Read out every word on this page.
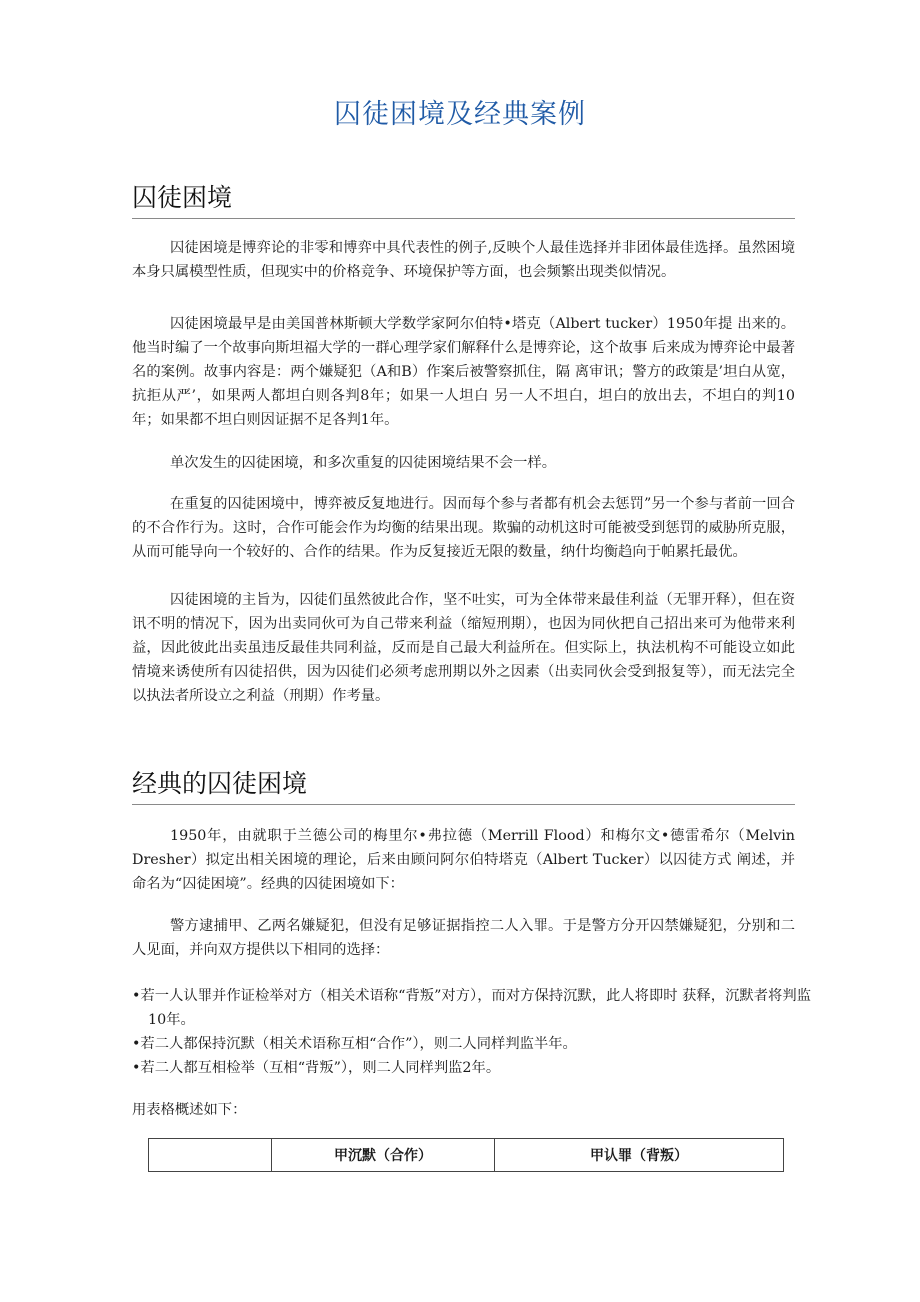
囚徒困境及经典案例
囚徒困境
囚徒困境是博弈论的非零和博弈中具代表性的例子,反映个人最佳选择并非团体最佳选择。虽然困境本身只属模型性质，但现实中的价格竞争、环境保护等方面，也会频繁出现类似情况。
囚徒困境最早是由美国普林斯顿大学数学家阿尔伯特•塔克（Albert tucker）1950年提 出来的。他当时编了一个故事向斯坦福大学的一群心理学家们解释什么是博弈论，这个故事 后来成为博弈论中最著名的案例。故事内容是：两个嫌疑犯（A和B）作案后被警察抓住，隔 离审讯；警方的政策是’坦白从宽，抗拒从严’，如果两人都坦白则各判8年；如果一人坦白 另一人不坦白，坦白的放出去，不坦白的判10年；如果都不坦白则因证据不足各判1年。
单次发生的囚徒困境，和多次重复的囚徒困境结果不会一样。
在重复的囚徒困境中，博弈被反复地进行。因而每个参与者都有机会去惩罚”另一个参与者前一回合的不合作行为。这时，合作可能会作为均衡的结果出现。欺骗的动机这时可能被受到惩罚的威胁所克服，从而可能导向一个较好的、合作的结果。作为反复接近无限的数量，纳什均衡趋向于帕累托最优。
囚徒困境的主旨为，囚徒们虽然彼此合作，坚不吐实，可为全体带来最佳利益（无罪开释），但在资讯不明的情况下，因为出卖同伙可为自己带来利益（缩短刑期），也因为同伙把自己招出来可为他带来利益，因此彼此出卖虽违反最佳共同利益，反而是自己最大利益所在。但实际上，执法机构不可能设立如此情境来诱使所有囚徒招供，因为囚徒们必须考虑刑期以外之因素（出卖同伙会受到报复等），而无法完全以执法者所设立之利益（刑期）作考量。
经典的囚徒困境
1950年，由就职于兰德公司的梅里尔•弗拉德（Merrill Flood）和梅尔文•德雷希尔（Melvin Dresher）拟定出相关困境的理论，后来由顾问阿尔伯特塔克（Albert Tucker）以囚徒方式 阐述，并命名为“囚徒困境”。经典的囚徒困境如下：
警方逮捕甲、乙两名嫌疑犯，但没有足够证据指控二人入罪。于是警方分开囚禁嫌疑犯，分别和二人见面，并向双方提供以下相同的选择：
•若一人认罪并作证检举对方（相关术语称“背叛”对方），而对方保持沉默，此人将即时 获释，沉默者将判监10年。
•若二人都保持沉默（相关术语称互相“合作”），则二人同样判监半年。
•若二人都互相检举（互相“背叛”），则二人同样判监2年。
用表格概述如下：
	甲沉默（合作）	甲认罪（背叛）
